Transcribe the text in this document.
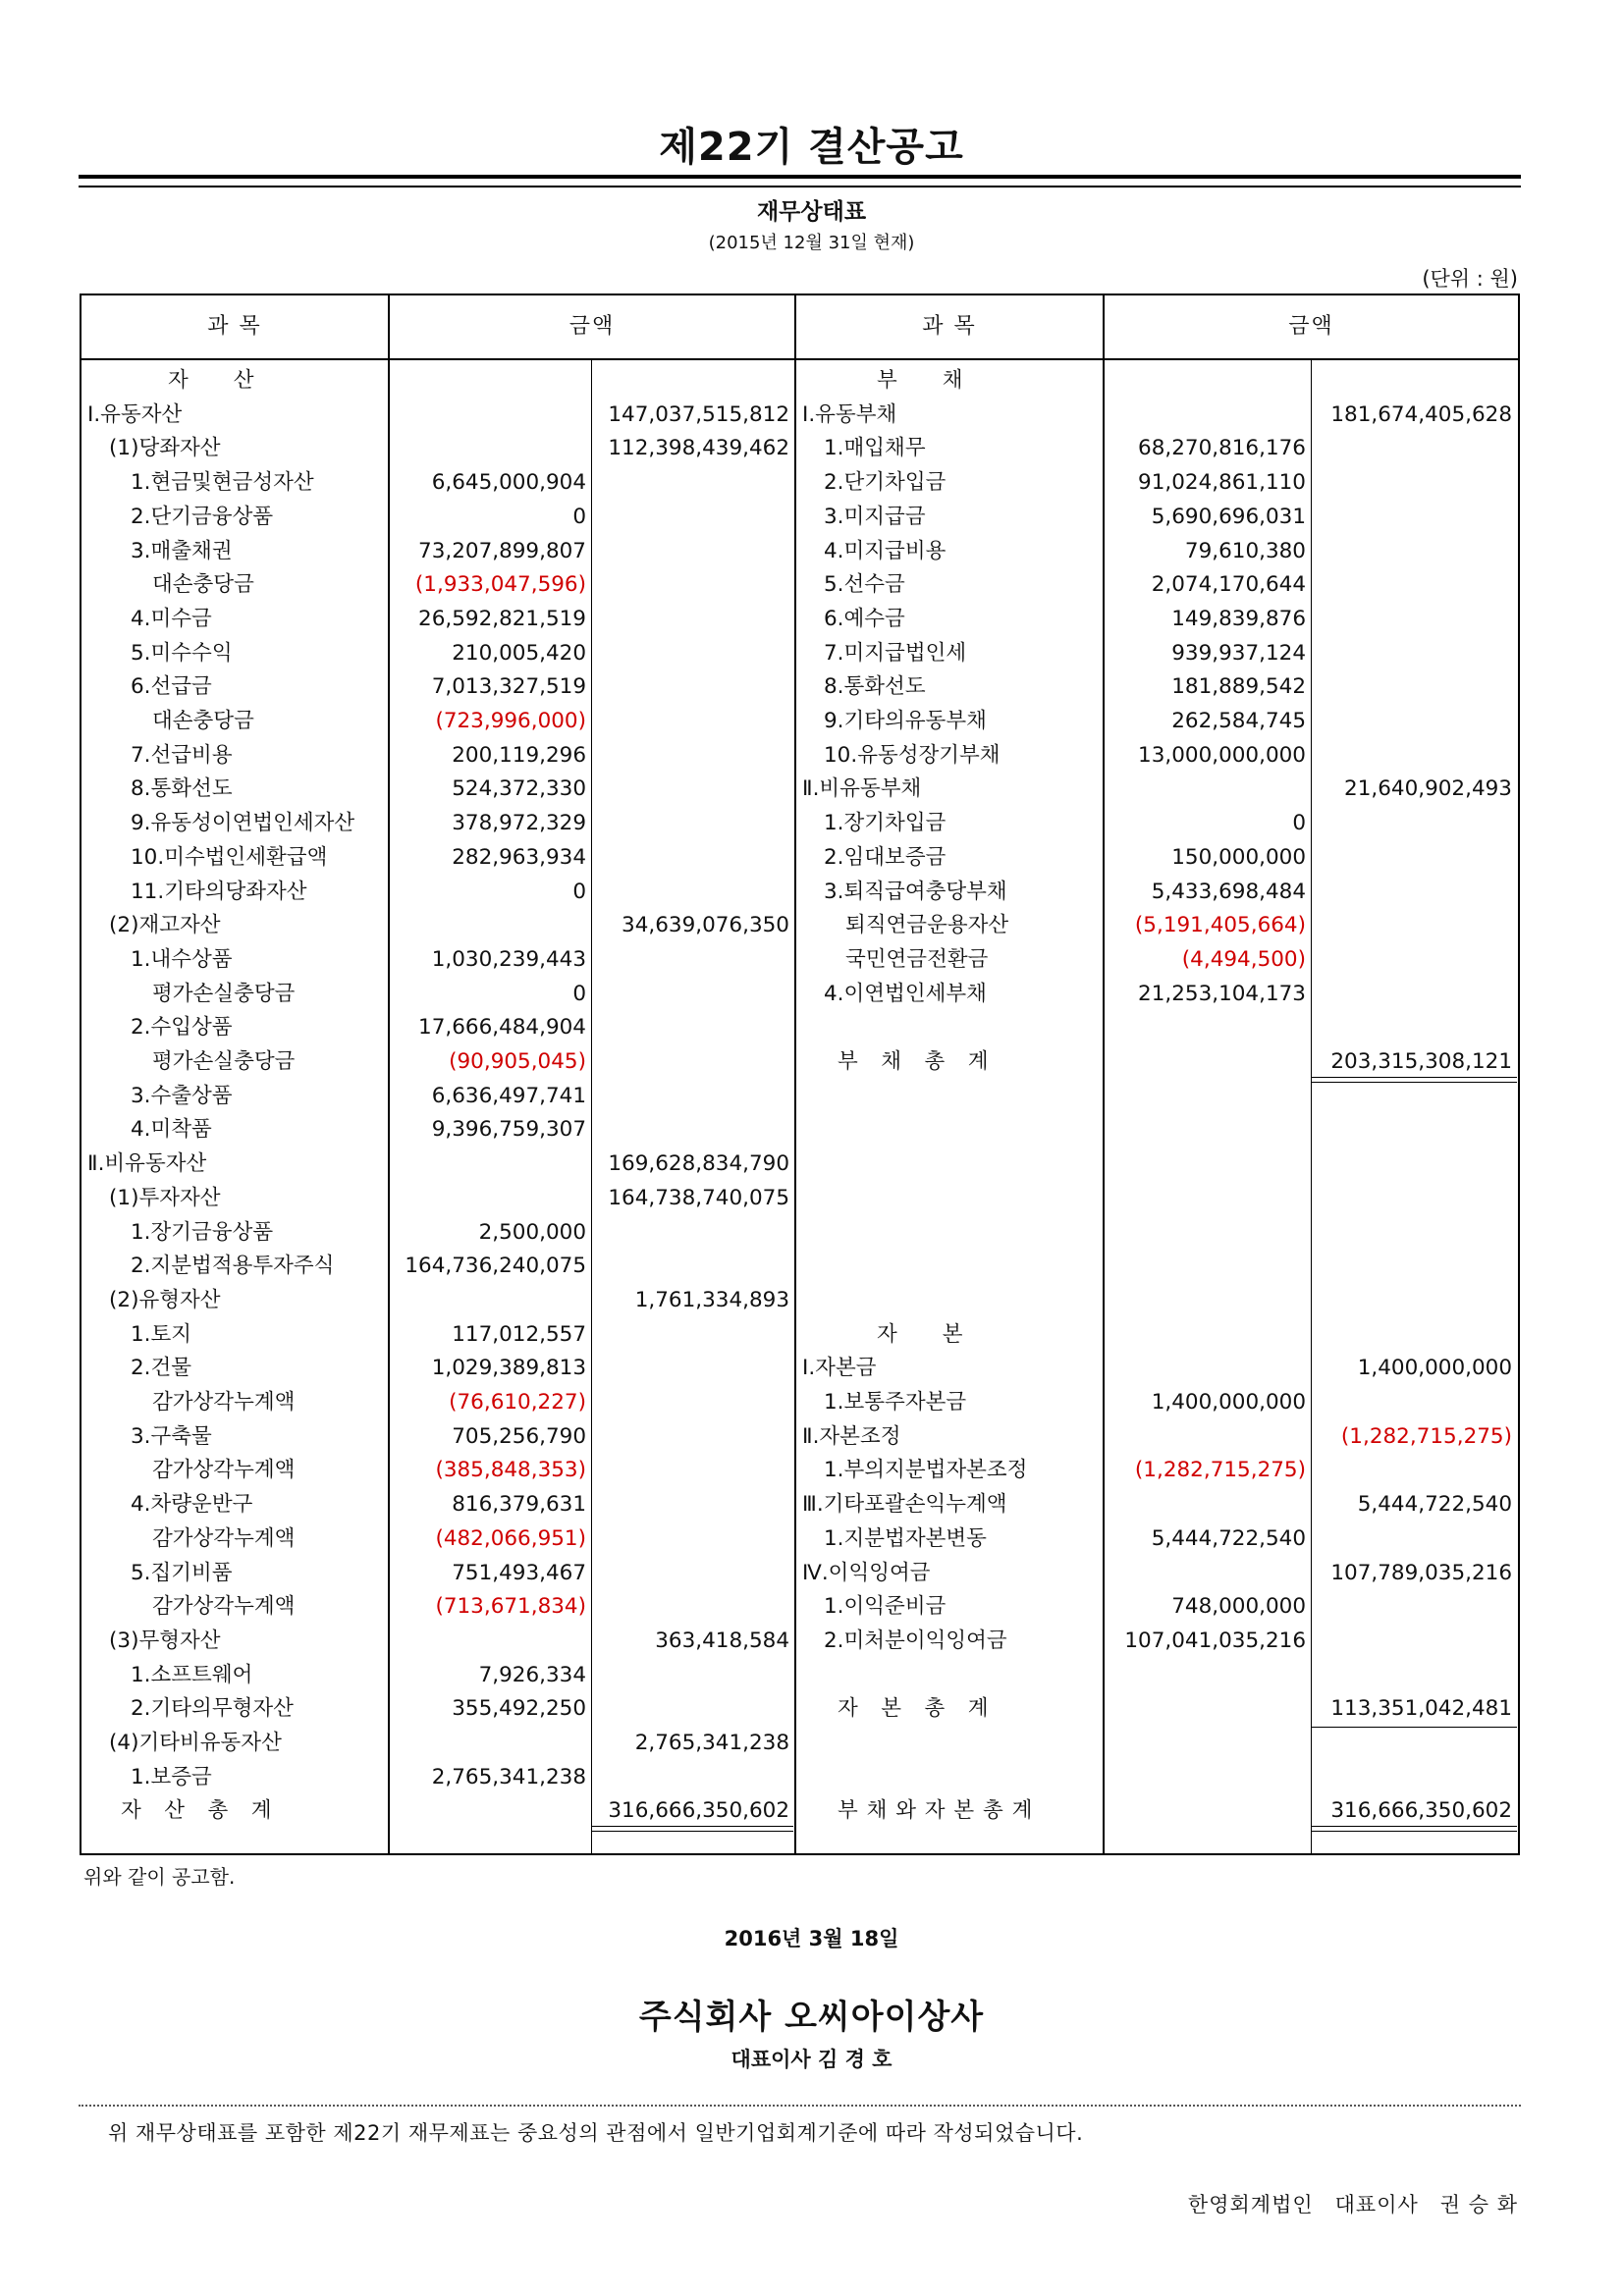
제22기 결산공고
재무상태표
(2015년 12월 31일 현재)
(단위 : 원)
과 목	금액	과 목	금액
자　　산
Ⅰ.유동자산	147,037,515,812
(1)당좌자산	112,398,439,462
1.현금및현금성자산	6,645,000,904
2.단기금융상품	0
3.매출채권	73,207,899,807
대손충당금	(1,933,047,596)
4.미수금	26,592,821,519
5.미수수익	210,005,420
6.선급금	7,013,327,519
대손충당금	(723,996,000)
7.선급비용	200,119,296
8.통화선도	524,372,330
9.유동성이연법인세자산	378,972,329
10.미수법인세환급액	282,963,934
11.기타의당좌자산	0
(2)재고자산	34,639,076,350
1.내수상품	1,030,239,443
평가손실충당금	0
2.수입상품	17,666,484,904
평가손실충당금	(90,905,045)
3.수출상품	6,636,497,741
4.미착품	9,396,759,307
Ⅱ.비유동자산	169,628,834,790
(1)투자자산	164,738,740,075
1.장기금융상품	2,500,000
2.지분법적용투자주식	164,736,240,075
(2)유형자산	1,761,334,893
1.토지	117,012,557
2.건물	1,029,389,813
감가상각누계액	(76,610,227)
3.구축물	705,256,790
감가상각누계액	(385,848,353)
4.차량운반구	816,379,631
감가상각누계액	(482,066,951)
5.집기비품	751,493,467
감가상각누계액	(713,671,834)
(3)무형자산	363,418,584
1.소프트웨어	7,926,334
2.기타의무형자산	355,492,250
(4)기타비유동자산	2,765,341,238
1.보증금	2,765,341,238
자　산　총　계	316,666,350,602
부　　채
Ⅰ.유동부채	181,674,405,628
1.매입채무	68,270,816,176
2.단기차입금	91,024,861,110
3.미지급금	5,690,696,031
4.미지급비용	79,610,380
5.선수금	2,074,170,644
6.예수금	149,839,876
7.미지급법인세	939,937,124
8.통화선도	181,889,542
9.기타의유동부채	262,584,745
10.유동성장기부채	13,000,000,000
Ⅱ.비유동부채	21,640,902,493
1.장기차입금	0
2.임대보증금	150,000,000
3.퇴직급여충당부채	5,433,698,484
퇴직연금운용자산	(5,191,405,664)
국민연금전환금	(4,494,500)
4.이연법인세부채	21,253,104,173
부　채　총　계	203,315,308,121
자　　본
Ⅰ.자본금	1,400,000,000
1.보통주자본금	1,400,000,000
Ⅱ.자본조정	(1,282,715,275)
1.부의지분법자본조정	(1,282,715,275)
Ⅲ.기타포괄손익누계액	5,444,722,540
1.지분법자본변동	5,444,722,540
Ⅳ.이익잉여금	107,789,035,216
1.이익준비금	748,000,000
2.미처분이익잉여금	107,041,035,216
자　본　총　계	113,351,042,481
부 채 와 자 본 총 계	316,666,350,602
위와 같이 공고함.
2016년 3월 18일
주식회사 오씨아이상사
대표이사 김 경 호
위 재무상태표를 포함한 제22기 재무제표는 중요성의 관점에서 일반기업회계기준에 따라 작성되었습니다.
한영회계법인　대표이사　권 승 화
